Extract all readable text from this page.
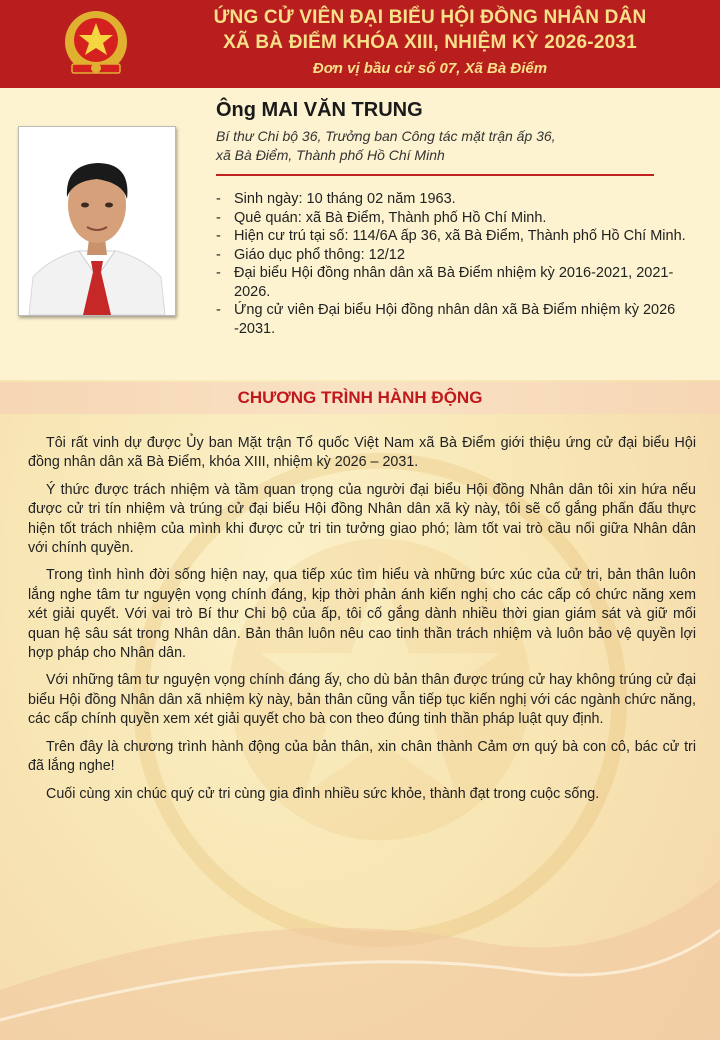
ỨNG CỬ VIÊN ĐẠI BIỂU HỘI ĐỒNG NHÂN DÂN
XÃ BÀ ĐIỂM KHÓA XIII, NHIỆM KỲ 2026-2031
Đơn vị bầu cử số 07, Xã Bà Điểm
Ông MAI VĂN TRUNG
Bí thư Chi bộ 36, Trưởng ban Công tác mặt trận ấp 36,
xã Bà Điểm, Thành phố Hồ Chí Minh
- Sinh ngày: 10 tháng 02 năm 1963.
- Quê quán: xã Bà Điểm, Thành phố Hồ Chí Minh.
- Hiện cư trú tại số: 114/6A ấp 36, xã Bà Điểm, Thành phố Hồ Chí Minh.
- Giáo dục phổ thông: 12/12
- Đại biểu Hội đồng nhân dân xã Bà Điểm nhiệm kỳ 2016-2021, 2021-2026.
- Ứng cử viên Đại biểu Hội đồng nhân dân xã Bà Điểm nhiệm kỳ 2026 -2031.
CHƯƠNG TRÌNH HÀNH ĐỘNG

Tôi rất vinh dự được Ủy ban Mặt trận Tổ quốc Việt Nam xã Bà Điểm giới thiệu ứng cử đại biểu Hội đồng nhân dân xã Bà Điểm, khóa XIII, nhiệm kỳ 2026 – 2031.

Ý thức được trách nhiệm và tầm quan trọng của người đại biểu Hội đồng Nhân dân tôi xin hứa nếu được cử tri tín nhiệm và trúng cử đại biểu Hội đồng Nhân dân xã kỳ này, tôi sẽ cố gắng phấn đấu thực hiện tốt trách nhiệm của mình khi được cử tri tin tưởng giao phó; làm tốt vai trò cầu nối giữa Nhân dân với chính quyền.

Trong tình hình đời sống hiện nay, qua tiếp xúc tìm hiểu và những bức xúc của cử tri, bản thân luôn lắng nghe tâm tư nguyện vọng chính đáng, kịp thời phản ánh kiến nghị cho các cấp có chức năng xem xét giải quyết. Với vai trò Bí thư Chi bộ của ấp, tôi cố gắng dành nhiều thời gian giám sát và giữ mối quan hệ sâu sát trong Nhân dân. Bản thân luôn nêu cao tinh thần trách nhiệm và luôn bảo vệ quyền lợi hợp pháp cho Nhân dân.

Với những tâm tư nguyện vọng chính đáng ấy, cho dù bản thân được trúng cử hay không trúng cử đại biểu Hội đồng Nhân dân xã nhiệm kỳ này, bản thân cũng vẫn tiếp tục kiến nghị với các ngành chức năng, các cấp chính quyền xem xét giải quyết cho bà con theo đúng tinh thần pháp luật quy định.

Trên đây là chương trình hành động của bản thân, xin chân thành Cảm ơn quý bà con cô, bác cử tri đã lắng nghe!

Cuối cùng xin chúc quý cử tri cùng gia đình nhiều sức khỏe, thành đạt trong cuộc sống.
